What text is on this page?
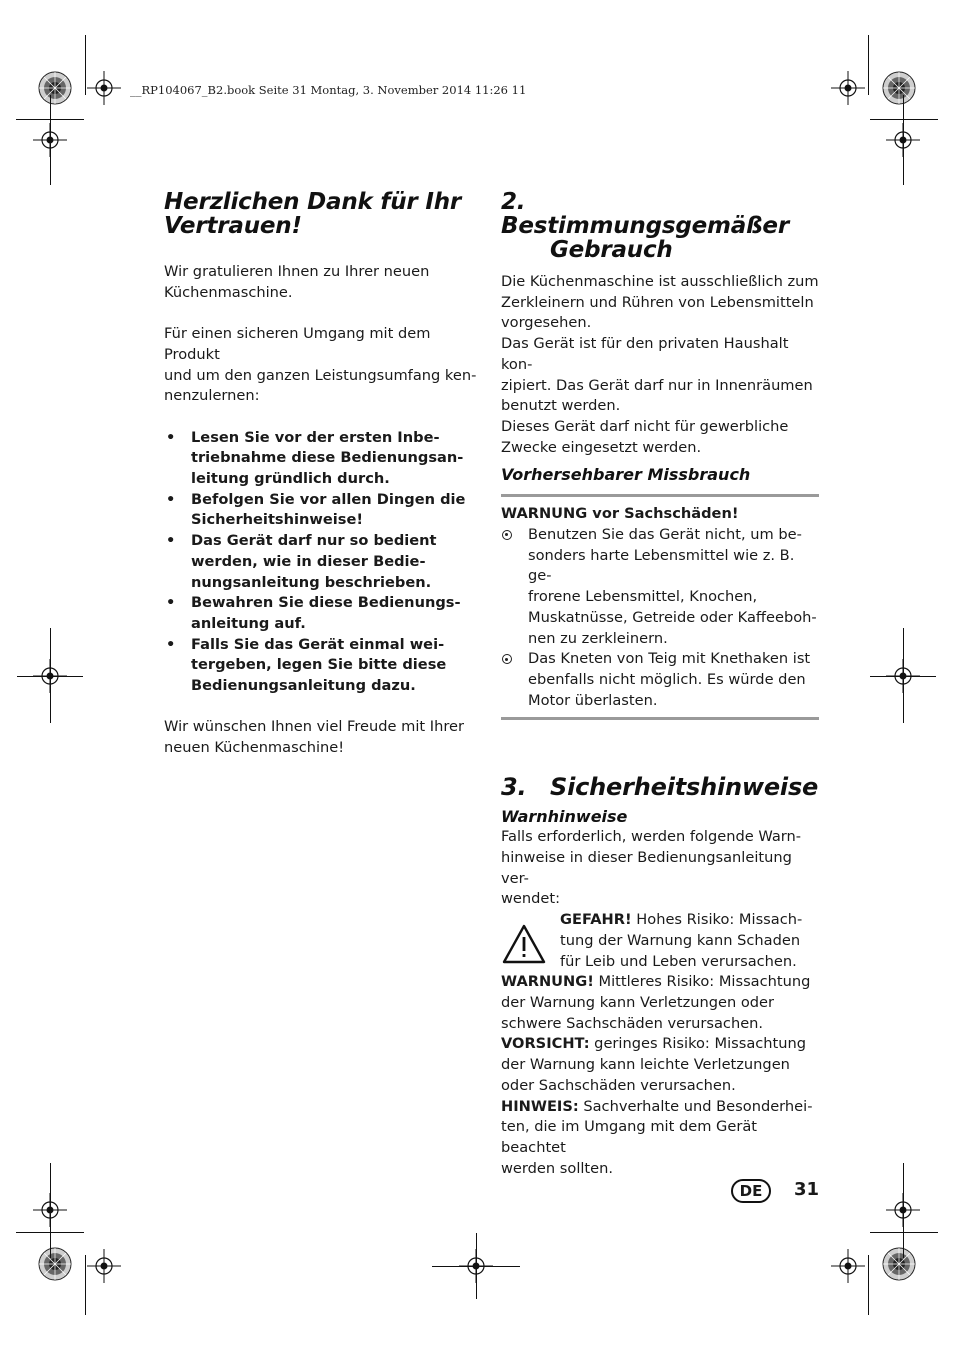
__RP104067_B2.book Seite 31 Montag, 3. November 2014 11:26 11
Herzlichen Dank für Ihr
Vertrauen!

Wir gratulieren Ihnen zu Ihrer neuen
Küchenmaschine.

Für einen sicheren Umgang mit dem Produkt
und um den ganzen Leistungsumfang ken-
nenzulernen:

• Lesen Sie vor der ersten Inbe-
triebnahme diese Bedienungsan-
leitung gründlich durch.
• Befolgen Sie vor allen Dingen die
Sicherheitshinweise!
• Das Gerät darf nur so bedient
werden, wie in dieser Bedie-
nungsanleitung beschrieben.
• Bewahren Sie diese Bedienungs-
anleitung auf.
• Falls Sie das Gerät einmal wei-
tergeben, legen Sie bitte diese
Bedienungsanleitung dazu.

Wir wünschen Ihnen viel Freude mit Ihrer
neuen Küchenmaschine!

2.Bestimmungsgemäßer
Gebrauch

Die Küchenmaschine ist ausschließlich zum
Zerkleinern und Rühren von Lebensmitteln
vorgesehen.
Das Gerät ist für den privaten Haushalt kon-
zipiert. Das Gerät darf nur in Innenräumen
benutzt werden.
Dieses Gerät darf nicht für gewerbliche
Zwecke eingesetzt werden.

Vorhersehbarer Missbrauch
WARNUNG vor Sachschäden!
Benutzen Sie das Gerät nicht, um be-
sonders harte Lebensmittel wie z. B. ge-
frorene Lebensmittel, Knochen,
Muskatnüsse, Getreide oder Kaffeeboh-
nen zu zerkleinern.
Das Kneten von Teig mit Knethaken ist
ebenfalls nicht möglich. Es würde den
Motor überlasten.
3. Sicherheitshinweise
Warnhinweise

Falls erforderlich, werden folgende Warn-
hinweise in dieser Bedienungsanleitung ver-
wendet:

GEFAHR! Hohes Risiko: Missach-
tung der Warnung kann Schaden
für Leib und Leben verursachen.

WARNUNG! Mittleres Risiko: Missachtung
der Warnung kann Verletzungen oder
schwere Sachschäden verursachen.

VORSICHT: geringes Risiko: Missachtung
der Warnung kann leichte Verletzungen
oder Sachschäden verursachen.

HINWEIS: Sachverhalte und Besonderhei-
ten, die im Umgang mit dem Gerät beachtet
werden sollten.

DE	31
